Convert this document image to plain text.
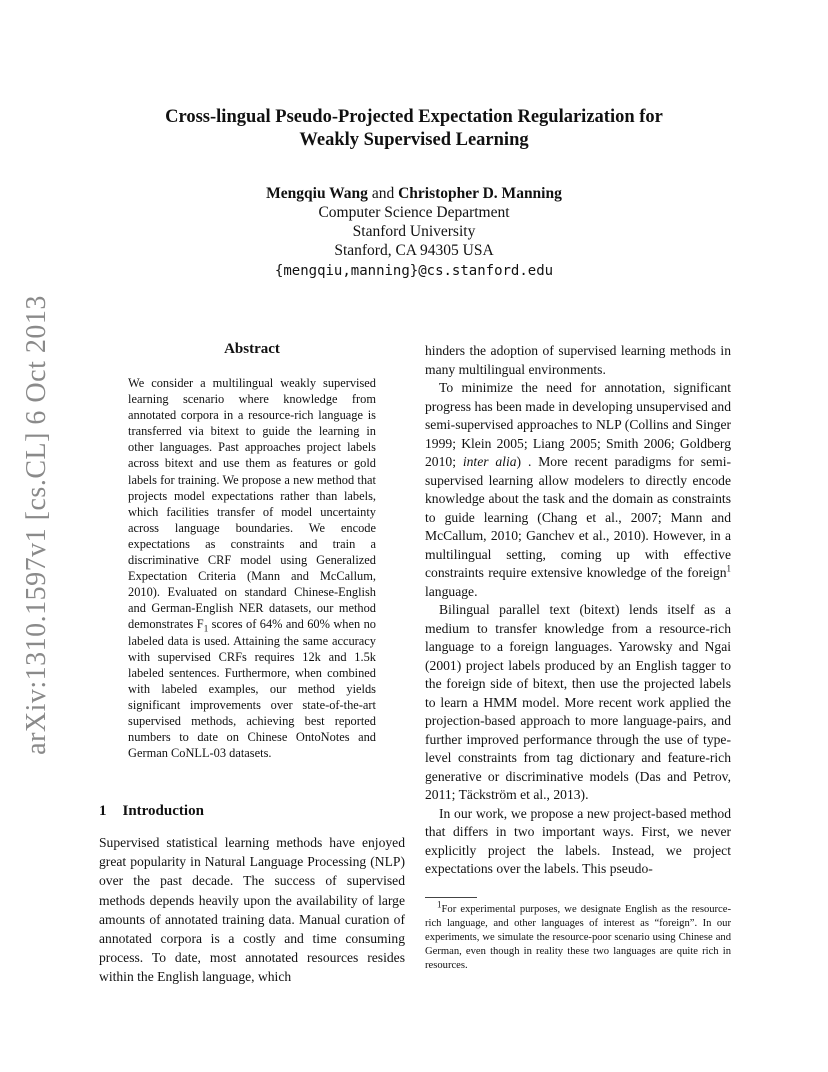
arXiv:1310.1597v1 [cs.CL] 6 Oct 2013
Cross-lingual Pseudo-Projected Expectation Regularization for
Weakly Supervised Learning
Mengqiu Wang and Christopher D. Manning
Computer Science Department
Stanford University
Stanford, CA 94305 USA
{mengqiu,manning}@cs.stanford.edu
Abstract
We consider a multilingual weakly supervised learning scenario where knowledge from annotated corpora in a resource-rich language is transferred via bitext to guide the learning in other languages. Past approaches project labels across bitext and use them as features or gold labels for training. We propose a new method that projects model expectations rather than labels, which facilities transfer of model uncertainty across language boundaries. We encode expectations as constraints and train a discriminative CRF model using Generalized Expectation Criteria (Mann and McCallum, 2010). Evaluated on standard Chinese-English and German-English NER datasets, our method demonstrates $F_1$ scores of 64% and 60% when no labeled data is used. Attaining the same accuracy with supervised CRFs requires 12k and 1.5k labeled sentences. Furthermore, when combined with labeled examples, our method yields significant improvements over state-of-the-art supervised methods, achieving best reported numbers to date on Chinese OntoNotes and German CoNLL-03 datasets.
1 Introduction
Supervised statistical learning methods have enjoyed great popularity in Natural Language Processing (NLP) over the past decade. The success of supervised methods depends heavily upon the availability of large amounts of annotated training data. Manual curation of annotated corpora is a costly and time consuming process. To date, most annotated resources resides within the English language, which

hinders the adoption of supervised learning methods in many multilingual environments.

To minimize the need for annotation, significant progress has been made in developing unsupervised and semi-supervised approaches to NLP (Collins and Singer 1999; Klein 2005; Liang 2005; Smith 2006; Goldberg 2010; inter alia) . More recent paradigms for semi-supervised learning allow modelers to directly encode knowledge about the task and the domain as constraints to guide learning (Chang et al., 2007; Mann and McCallum, 2010; Ganchev et al., 2010). However, in a multilingual setting, coming up with effective constraints require extensive knowledge of the foreign$^1$ language.

Bilingual parallel text (bitext) lends itself as a medium to transfer knowledge from a resource-rich language to a foreign languages. Yarowsky and Ngai (2001) project labels produced by an English tagger to the foreign side of bitext, then use the projected labels to learn a HMM model. More recent work applied the projection-based approach to more language-pairs, and further improved performance through the use of type-level constraints from tag dictionary and feature-rich generative or discriminative models (Das and Petrov, 2011; Täckström et al., 2013).

In our work, we propose a new project-based method that differs in two important ways. First, we never explicitly project the labels. Instead, we project expectations over the labels. This pseudo-

$^1$For experimental purposes, we designate English as the resource-rich language, and other languages of interest as “foreign”. In our experiments, we simulate the resource-poor scenario using Chinese and German, even though in reality these two languages are quite rich in resources.
